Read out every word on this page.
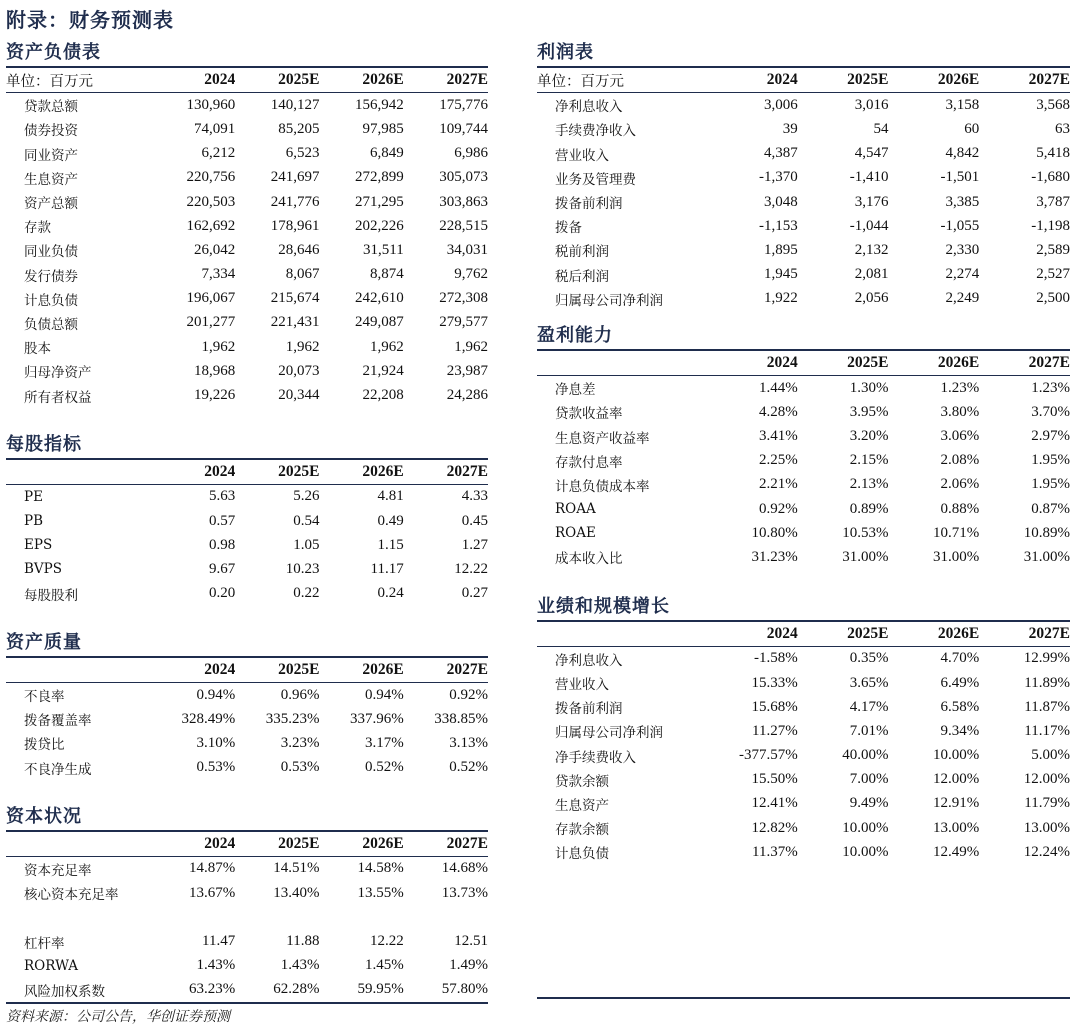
附录：财务预测表
资产负债表
单位：百万元	2024	2025E	2026E	2027E
贷款总额	130,960	140,127	156,942	175,776
债券投资	74,091	85,205	97,985	109,744
同业资产	6,212	6,523	6,849	6,986
生息资产	220,756	241,697	272,899	305,073
资产总额	220,503	241,776	271,295	303,863
存款	162,692	178,961	202,226	228,515
同业负债	26,042	28,646	31,511	34,031
发行债券	7,334	8,067	8,874	9,762
计息负债	196,067	215,674	242,610	272,308
负债总额	201,277	221,431	249,087	279,577
股本	1,962	1,962	1,962	1,962
归母净资产	18,968	20,073	21,924	23,987
所有者权益	19,226	20,344	22,208	24,286
每股指标
	2024	2025E	2026E	2027E
PE	5.63	5.26	4.81	4.33
PB	0.57	0.54	0.49	0.45
EPS	0.98	1.05	1.15	1.27
BVPS	9.67	10.23	11.17	12.22
每股股利	0.20	0.22	0.24	0.27
资产质量
	2024	2025E	2026E	2027E
不良率	0.94%	0.96%	0.94%	0.92%
拨备覆盖率	328.49%	335.23%	337.96%	338.85%
拨贷比	3.10%	3.23%	3.17%	3.13%
不良净生成	0.53%	0.53%	0.52%	0.52%
资本状况
	2024	2025E	2026E	2027E
资本充足率	14.87%	14.51%	14.58%	14.68%
核心资本充足率	13.67%	13.40%	13.55%	13.73%

杠杆率	11.47	11.88	12.22	12.51
RORWA	1.43%	1.43%	1.45%	1.49%
风险加权系数	63.23%	62.28%	59.95%	57.80%
利润表
单位：百万元	2024	2025E	2026E	2027E
净利息收入	3,006	3,016	3,158	3,568
手续费净收入	39	54	60	63
营业收入	4,387	4,547	4,842	5,418
业务及管理费	-1,370	-1,410	-1,501	-1,680
拨备前利润	3,048	3,176	3,385	3,787
拨备	-1,153	-1,044	-1,055	-1,198
税前利润	1,895	2,132	2,330	2,589
税后利润	1,945	2,081	2,274	2,527
归属母公司净利润	1,922	2,056	2,249	2,500
盈利能力
	2024	2025E	2026E	2027E
净息差	1.44%	1.30%	1.23%	1.23%
贷款收益率	4.28%	3.95%	3.80%	3.70%
生息资产收益率	3.41%	3.20%	3.06%	2.97%
存款付息率	2.25%	2.15%	2.08%	1.95%
计息负债成本率	2.21%	2.13%	2.06%	1.95%
ROAA	0.92%	0.89%	0.88%	0.87%
ROAE	10.80%	10.53%	10.71%	10.89%
成本收入比	31.23%	31.00%	31.00%	31.00%
业绩和规模增长
	2024	2025E	2026E	2027E
净利息收入	-1.58%	0.35%	4.70%	12.99%
营业收入	15.33%	3.65%	6.49%	11.89%
拨备前利润	15.68%	4.17%	6.58%	11.87%
归属母公司净利润	11.27%	7.01%	9.34%	11.17%
净手续费收入	-377.57%	40.00%	10.00%	5.00%
贷款余额	15.50%	7.00%	12.00%	12.00%
生息资产	12.41%	9.49%	12.91%	11.79%
存款余额	12.82%	10.00%	13.00%	13.00%
计息负债	11.37%	10.00%	12.49%	12.24%
资料来源：公司公告，华创证券预测
